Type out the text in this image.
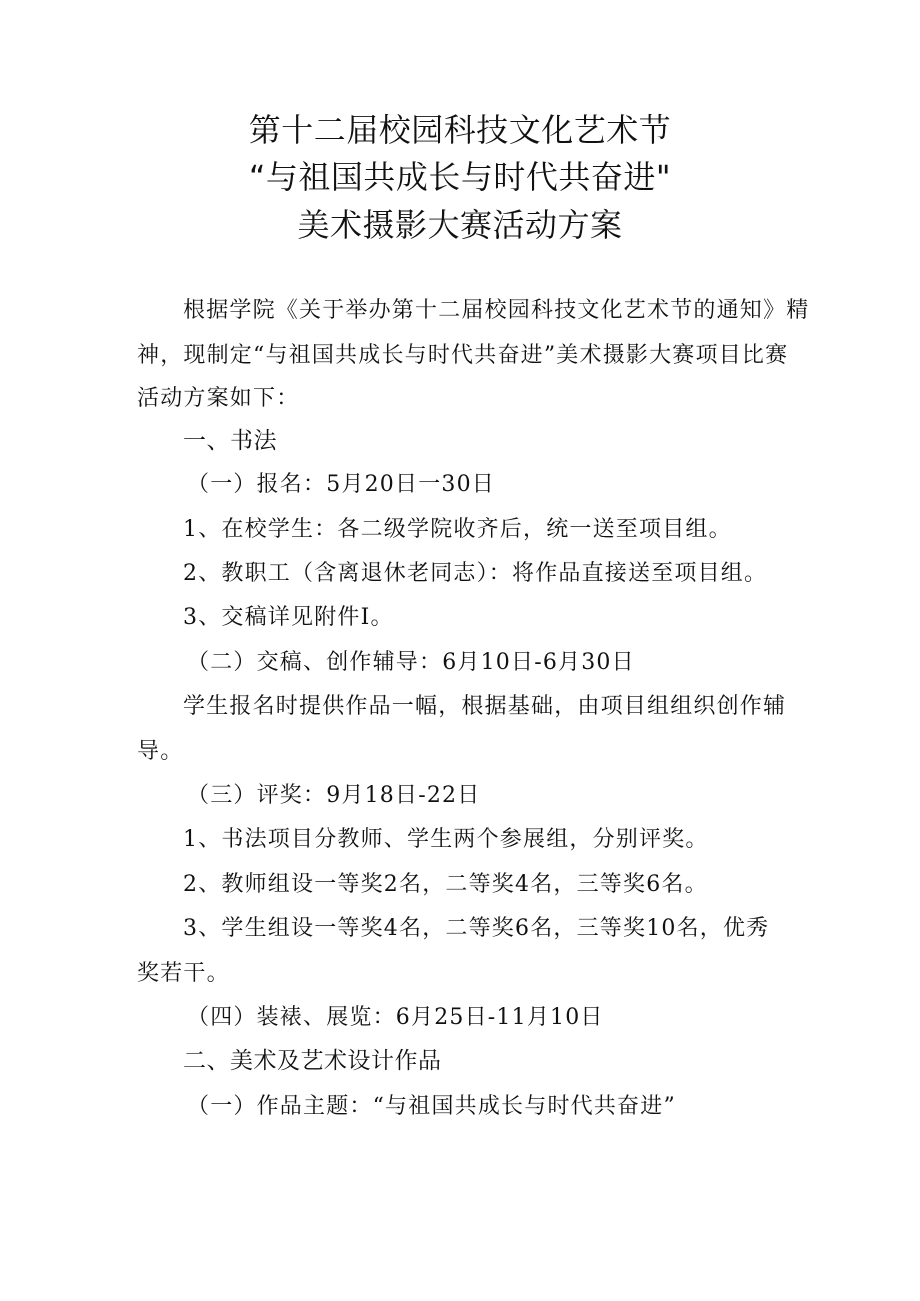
第十二届校园科技文化艺术节
“与祖国共成长与时代共奋进"
美术摄影大赛活动方案
根据学院《关于举办第十二届校园科技文化艺术节的通知》精
神，现制定“与祖国共成长与时代共奋进”美术摄影大赛项目比赛
活动方案如下：
一、书法
（一）报名：5月20日一30日
1、在校学生：各二级学院收齐后，统一送至项目组。
2、教职工（含离退休老同志）：将作品直接送至项目组。
3、交稿详见附件I。
（二）交稿、创作辅导：6月10日-6月30日
学生报名时提供作品一幅，根据基础，由项目组组织创作辅
导。
（三）评奖：9月18日-22日
1、书法项目分教师、学生两个参展组，分别评奖。
2、教师组设一等奖2名，二等奖4名，三等奖6名。
3、学生组设一等奖4名，二等奖6名，三等奖10名，优秀
奖若干。
（四）装裱、展览：6月25日-11月10日
二、美术及艺术设计作品
（一）作品主题：“与祖国共成长与时代共奋进”
